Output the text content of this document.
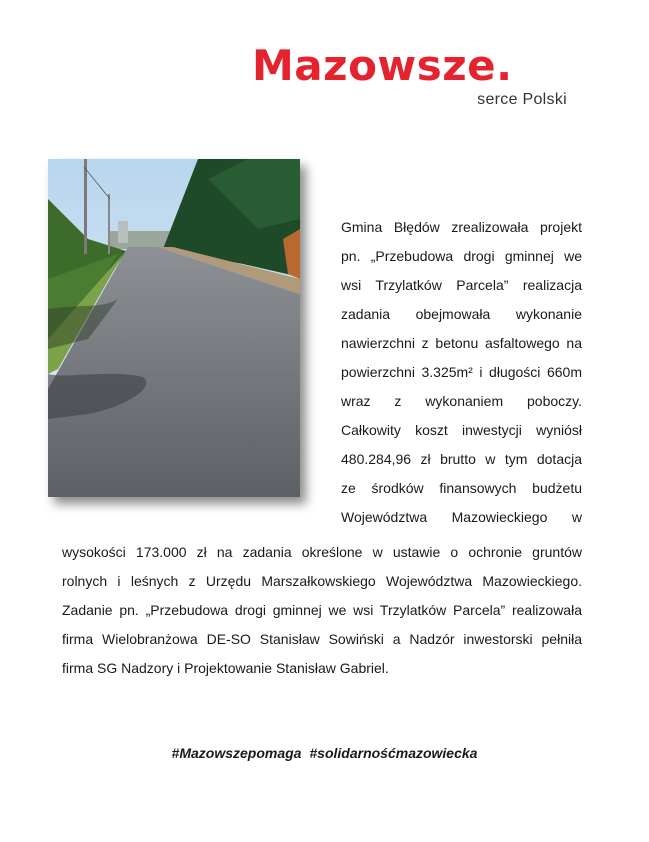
Mazowsze.
serce Polski
Gmina Błędów zrealizowała projekt
pn. „Przebudowa drogi gminnej we
wsi Trzylatków Parcela” realizacja
zadania obejmowała wykonanie
nawierzchni z betonu asfaltowego na
powierzchni 3.325m² i długości 660m
wraz z wykonaniem poboczy.
Całkowity koszt inwestycji wyniósł
480.284,96 zł brutto w tym dotacja
ze środków finansowych budżetu
Województwa Mazowieckiego w
wysokości 173.000 zł na zadania określone w ustawie o ochronie gruntów
rolnych i leśnych z Urzędu Marszałkowskiego Województwa Mazowieckiego.
Zadanie pn. „Przebudowa drogi gminnej we wsi Trzylatków Parcela” realizowała
firma Wielobranżowa DE-SO Stanisław Sowiński a Nadzór inwestorski pełniła
firma SG Nadzory i Projektowanie Stanisław Gabriel.
#Mazowszepomaga #solidarnośćmazowiecka
